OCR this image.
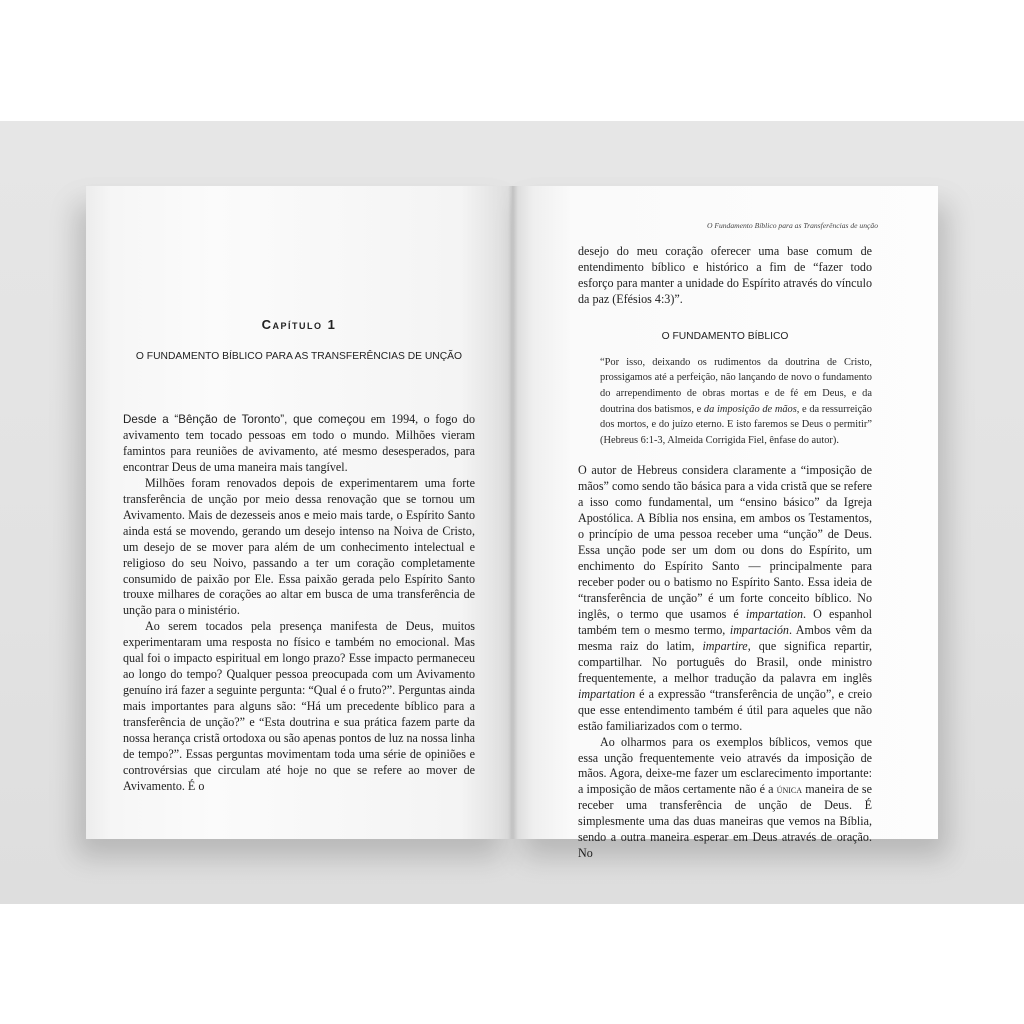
Capítulo 1
O FUNDAMENTO BÍBLICO PARA AS TRANSFERÊNCIAS DE UNÇÃO

Desde a “Bênção de Toronto”, que começou em 1994, o fogo do avivamento tem tocado pessoas em todo o mundo. Milhões vieram famintos para reuniões de avivamento, até mesmo desesperados, para encontrar Deus de uma maneira mais tangível.

Milhões foram renovados depois de experimentarem uma forte transferência de unção por meio dessa renovação que se tornou um Avivamento. Mais de dezesseis anos e meio mais tarde, o Espírito Santo ainda está se movendo, gerando um desejo intenso na Noiva de Cristo, um desejo de se mover para além de um conhecimento intelectual e religioso do seu Noivo, passando a ter um coração completamente consumido de paixão por Ele. Essa paixão gerada pelo Espírito Santo trouxe milhares de corações ao altar em busca de uma transferência de unção para o ministério.

Ao serem tocados pela presença manifesta de Deus, muitos experimentaram uma resposta no físico e também no emocional. Mas qual foi o impacto espiritual em longo prazo? Esse impacto permaneceu ao longo do tempo? Qualquer pessoa preocupada com um Avivamento genuíno irá fazer a seguinte pergunta: “Qual é o fruto?”. Perguntas ainda mais importantes para alguns são: “Há um precedente bíblico para a transferência de unção?” e “Esta doutrina e sua prática fazem parte da nossa herança cristã ortodoxa ou são apenas pontos de luz na nossa linha de tempo?”. Essas perguntas movimentam toda uma série de opiniões e controvérsias que circulam até hoje no que se refere ao mover de Avivamento. É o

O Fundamento Bíblico para as Transferências de unção

desejo do meu coração oferecer uma base comum de entendimento bíblico e histórico a fim de “fazer todo esforço para manter a unidade do Espírito através do vínculo da paz (Efésios 4:3)”.

O FUNDAMENTO BÍBLICO

“Por isso, deixando os rudimentos da doutrina de Cristo, prossigamos até a perfeição, não lançando de novo o fundamento do arrependimento de obras mortas e de fé em Deus, e da doutrina dos batismos, e da imposição de mãos, e da ressurreição dos mortos, e do juízo eterno. E isto faremos se Deus o permitir” (Hebreus 6:1-3, Almeida Corrigida Fiel, ênfase do autor).

O autor de Hebreus considera claramente a “imposição de mãos” como sendo tão básica para a vida cristã que se refere a isso como fundamental, um “ensino básico” da Igreja Apostólica. A Bíblia nos ensina, em ambos os Testamentos, o princípio de uma pessoa receber uma “unção” de Deus. Essa unção pode ser um dom ou dons do Espírito, um enchimento do Espírito Santo — principalmente para receber poder ou o batismo no Espírito Santo. Essa ideia de “transferência de unção” é um forte conceito bíblico. No inglês, o termo que usamos é impartation. O espanhol também tem o mesmo termo, impartación. Ambos vêm da mesma raiz do latim, impartire, que significa repartir, compartilhar. No português do Brasil, onde ministro frequentemente, a melhor tradução da palavra em inglês impartation é a expressão “transferência de unção”, e creio que esse entendimento também é útil para aqueles que não estão familiarizados com o termo.

Ao olharmos para os exemplos bíblicos, vemos que essa unção frequentemente veio através da imposição de mãos. Agora, deixe-me fazer um esclarecimento importante: a imposição de mãos certamente não é a única maneira de se receber uma transferência de unção de Deus. É simplesmente uma das duas maneiras que vemos na Bíblia, sendo a outra maneira esperar em Deus através de oração. No
